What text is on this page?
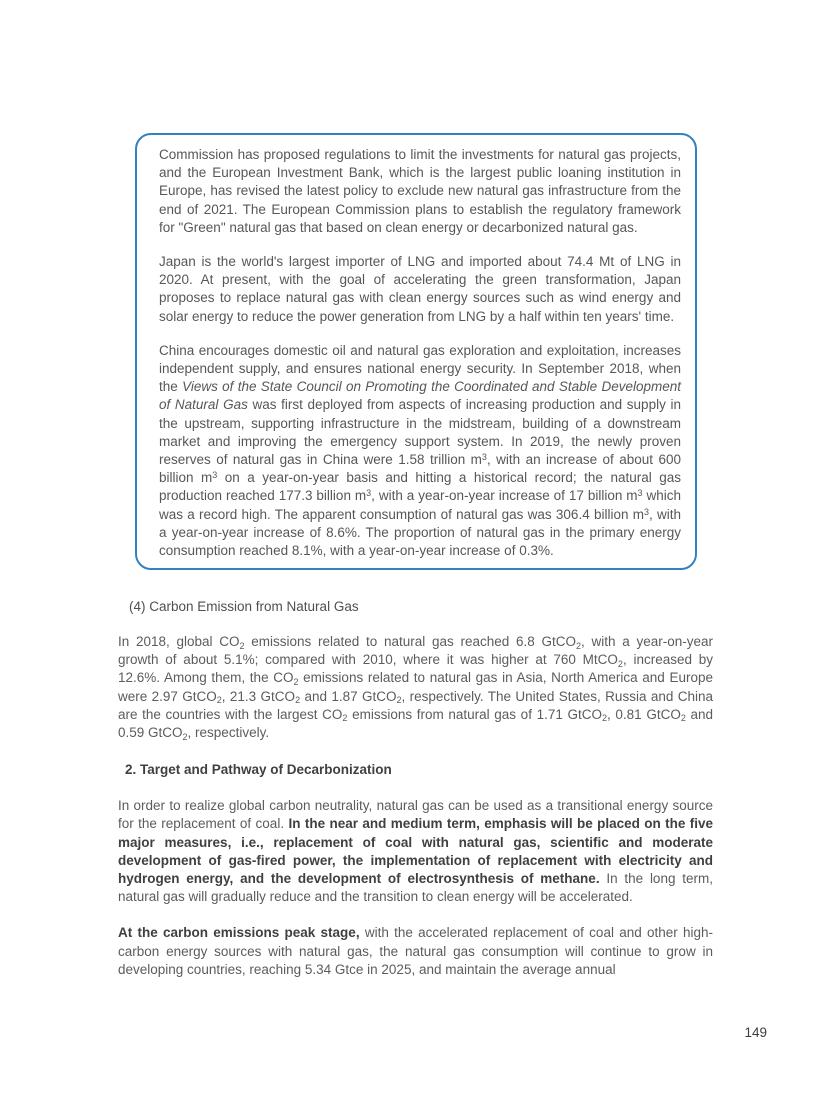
Commission has proposed regulations to limit the investments for natural gas projects, and the European Investment Bank, which is the largest public loaning institution in Europe, has revised the latest policy to exclude new natural gas infrastructure from the end of 2021. The European Commission plans to establish the regulatory framework for "Green" natural gas that based on clean energy or decarbonized natural gas.

Japan is the world's largest importer of LNG and imported about 74.4 Mt of LNG in 2020. At present, with the goal of accelerating the green transformation, Japan proposes to replace natural gas with clean energy sources such as wind energy and solar energy to reduce the power generation from LNG by a half within ten years' time.

China encourages domestic oil and natural gas exploration and exploitation, increases independent supply, and ensures national energy security. In September 2018, when the Views of the State Council on Promoting the Coordinated and Stable Development of Natural Gas was first deployed from aspects of increasing production and supply in the upstream, supporting infrastructure in the midstream, building of a downstream market and improving the emergency support system. In 2019, the newly proven reserves of natural gas in China were 1.58 trillion $m^3$, with an increase of about 600 billion $m^3$ on a year-on-year basis and hitting a historical record; the natural gas production reached 177.3 billion $m^3$, with a year-on-year increase of 17 billion $m^3$ which was a record high. The apparent consumption of natural gas was 306.4 billion $m^3$, with a year-on-year increase of 8.6%. The proportion of natural gas in the primary energy consumption reached 8.1%, with a year-on-year increase of 0.3%.

(4) Carbon Emission from Natural Gas

In 2018, global $CO_2$ emissions related to natural gas reached 6.8 GtCO$_2$, with a year-on-year growth of about 5.1%; compared with 2010, where it was higher at 760 MtCO$_2$, increased by 12.6%. Among them, the $CO_2$ emissions related to natural gas in Asia, North America and Europe were 2.97 GtCO$_2$, 21.3 GtCO$_2$ and 1.87 GtCO$_2$, respectively. The United States, Russia and China are the countries with the largest $CO_2$ emissions from natural gas of 1.71 GtCO$_2$, 0.81 GtCO$_2$ and 0.59 GtCO$_2$, respectively.

2. Target and Pathway of Decarbonization

In order to realize global carbon neutrality, natural gas can be used as a transitional energy source for the replacement of coal. In the near and medium term, emphasis will be placed on the five major measures, i.e., replacement of coal with natural gas, scientific and moderate development of gas-fired power, the implementation of replacement with electricity and hydrogen energy, and the development of electrosynthesis of methane. In the long term, natural gas will gradually reduce and the transition to clean energy will be accelerated.

At the carbon emissions peak stage, with the accelerated replacement of coal and other high-carbon energy sources with natural gas, the natural gas consumption will continue to grow in developing countries, reaching 5.34 Gtce in 2025, and maintain the average annual

149
